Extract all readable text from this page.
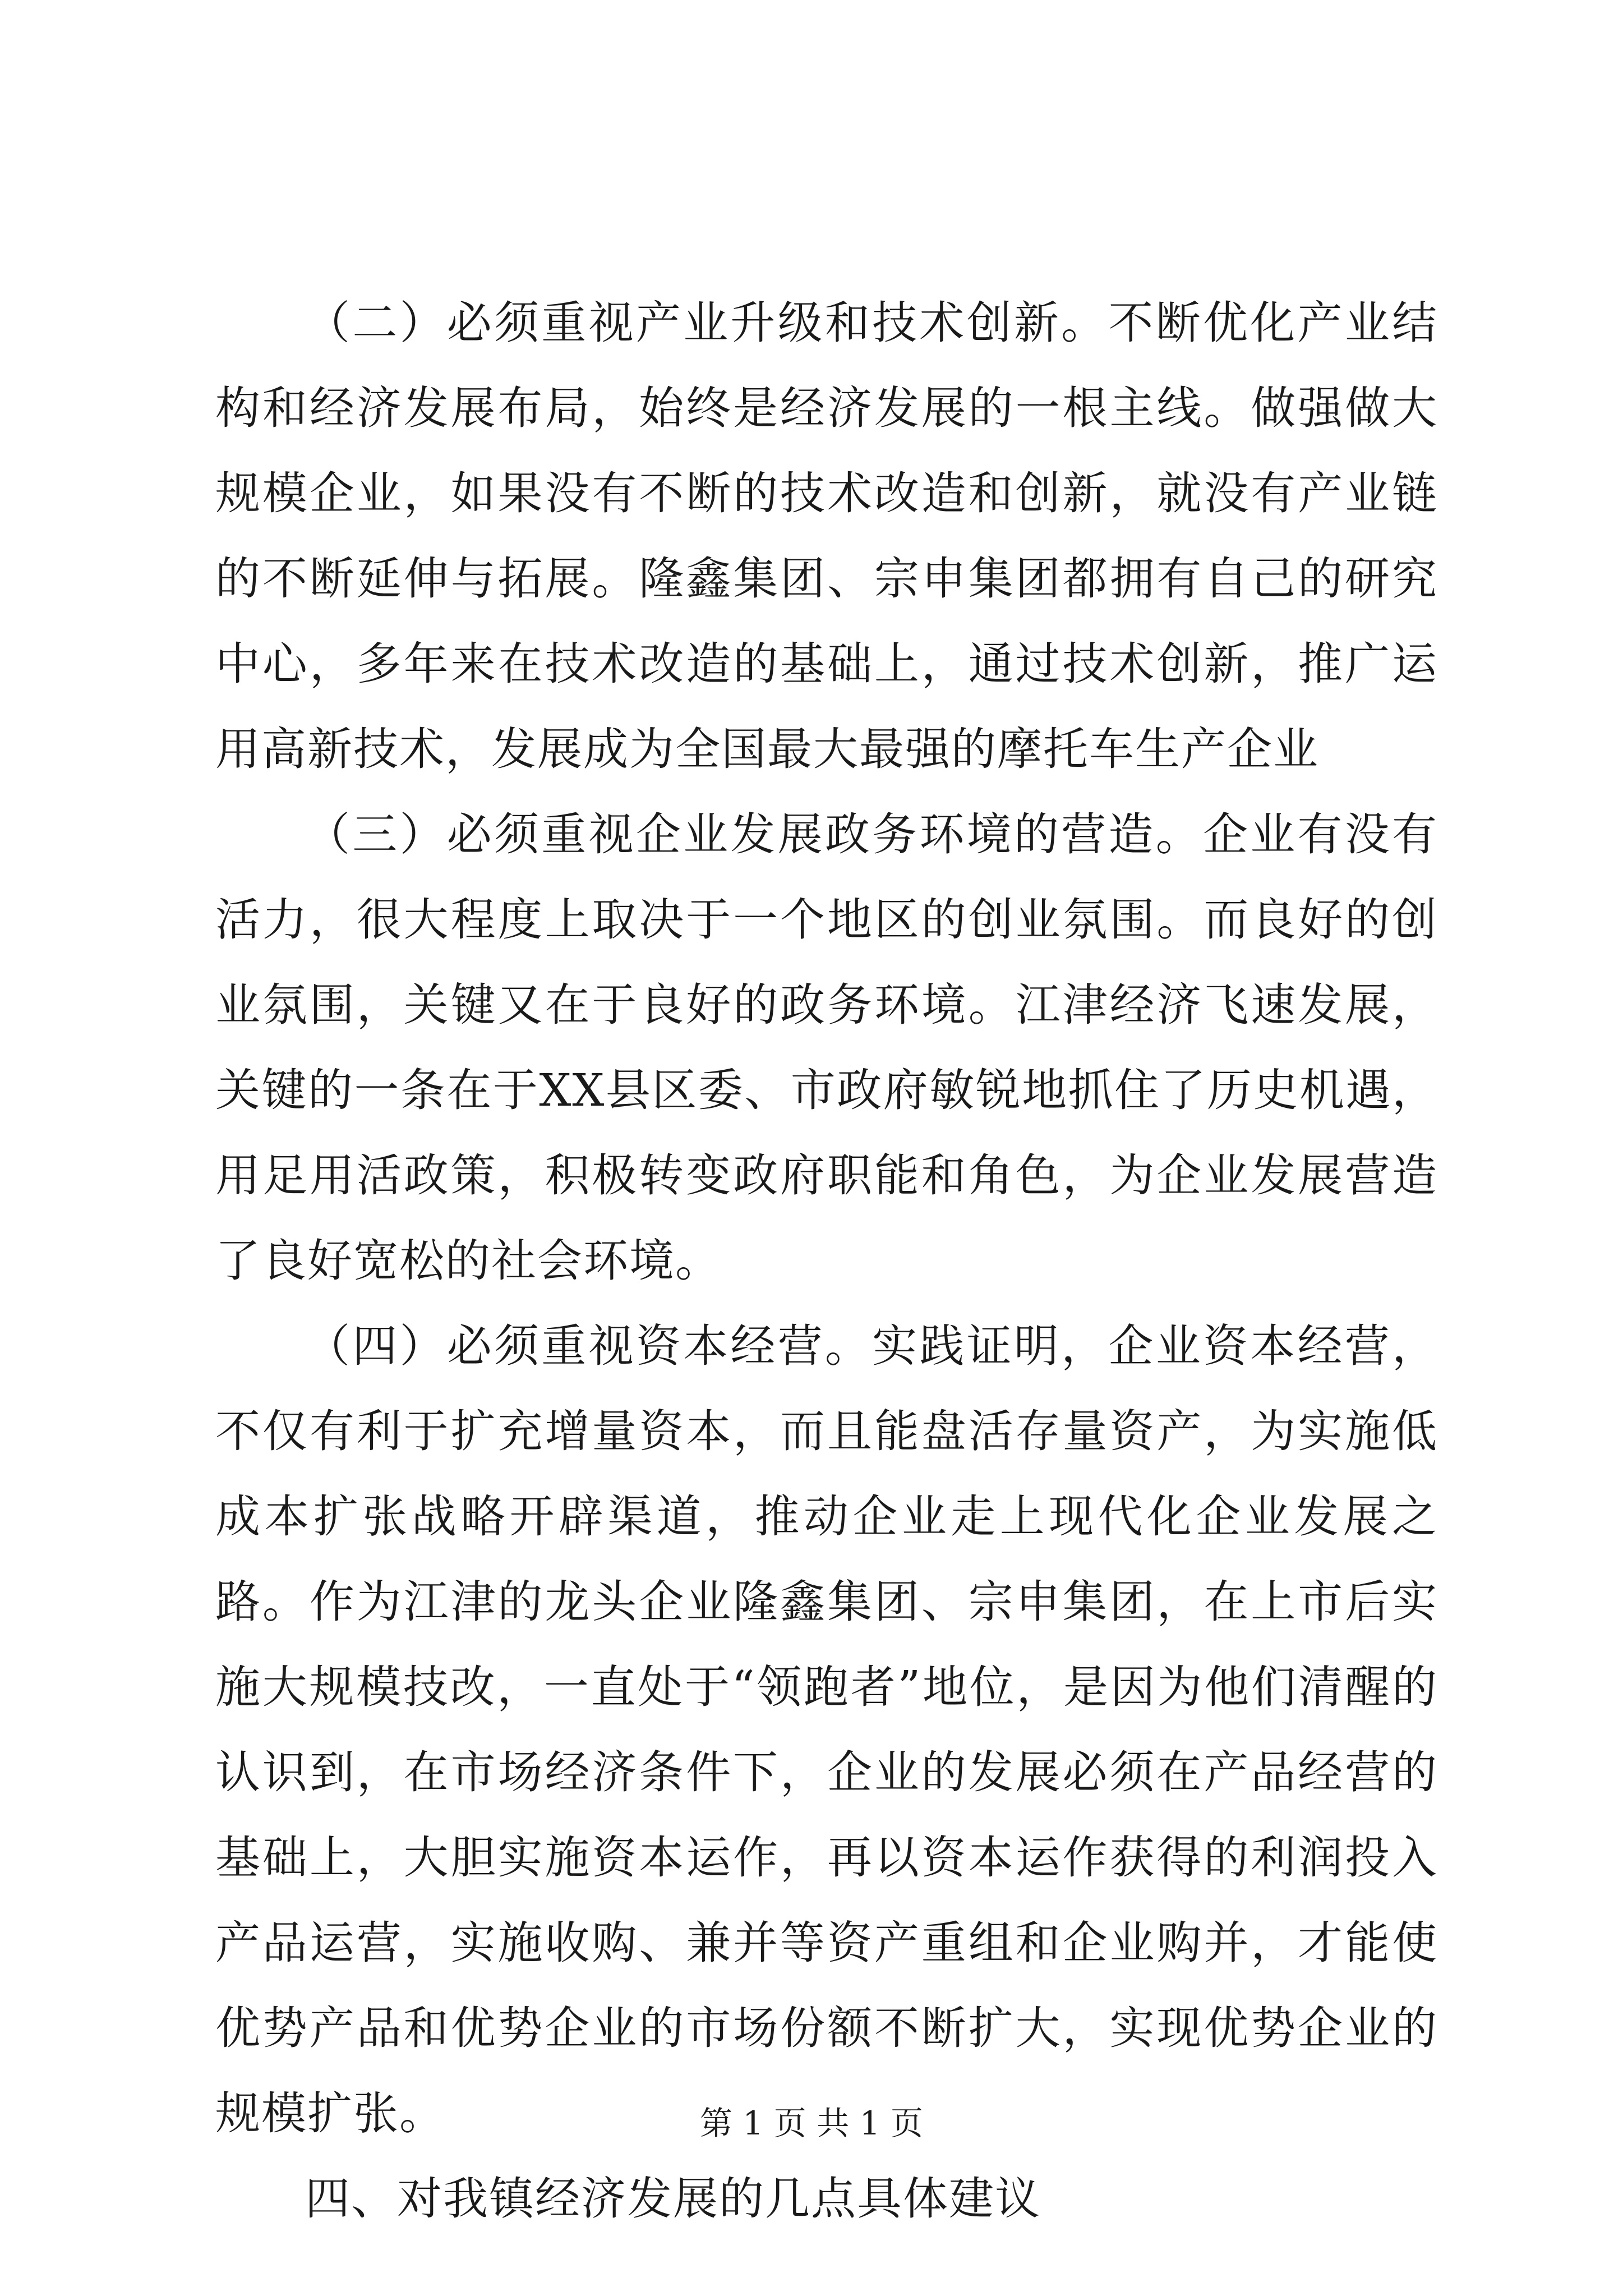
（二）必须重视产业升级和技术创新。不断优化产业结构和经济发展布局，始终是经济发展的一根主线。做强做大规模企业，如果没有不断的技术改造和创新，就没有产业链的不断延伸与拓展。隆鑫集团、宗申集团都拥有自己的研究中心，多年来在技术改造的基础上，通过技术创新，推广运用高新技术，发展成为全国最大最强的摩托车生产企业

（三）必须重视企业发展政务环境的营造。企业有没有活力，很大程度上取决于一个地区的创业氛围。而良好的创业氛围，关键又在于良好的政务环境。江津经济飞速发展，关键的一条在于XX县区委、市政府敏锐地抓住了历史机遇，用足用活政策，积极转变政府职能和角色，为企业发展营造了良好宽松的社会环境。

（四）必须重视资本经营。实践证明，企业资本经营，不仅有利于扩充增量资本，而且能盘活存量资产，为实施低成本扩张战略开辟渠道，推动企业走上现代化企业发展之路。作为江津的龙头企业隆鑫集团、宗申集团，在上市后实施大规模技改，一直处于“领跑者”地位，是因为他们清醒的认识到，在市场经济条件下，企业的发展必须在产品经营的基础上，大胆实施资本运作，再以资本运作获得的利润投入产品运营，实施收购、兼并等资产重组和企业购并，才能使优势产品和优势企业的市场份额不断扩大，实现优势企业的规模扩张。

四、对我镇经济发展的几点具体建议

第 1 页 共 1 页
